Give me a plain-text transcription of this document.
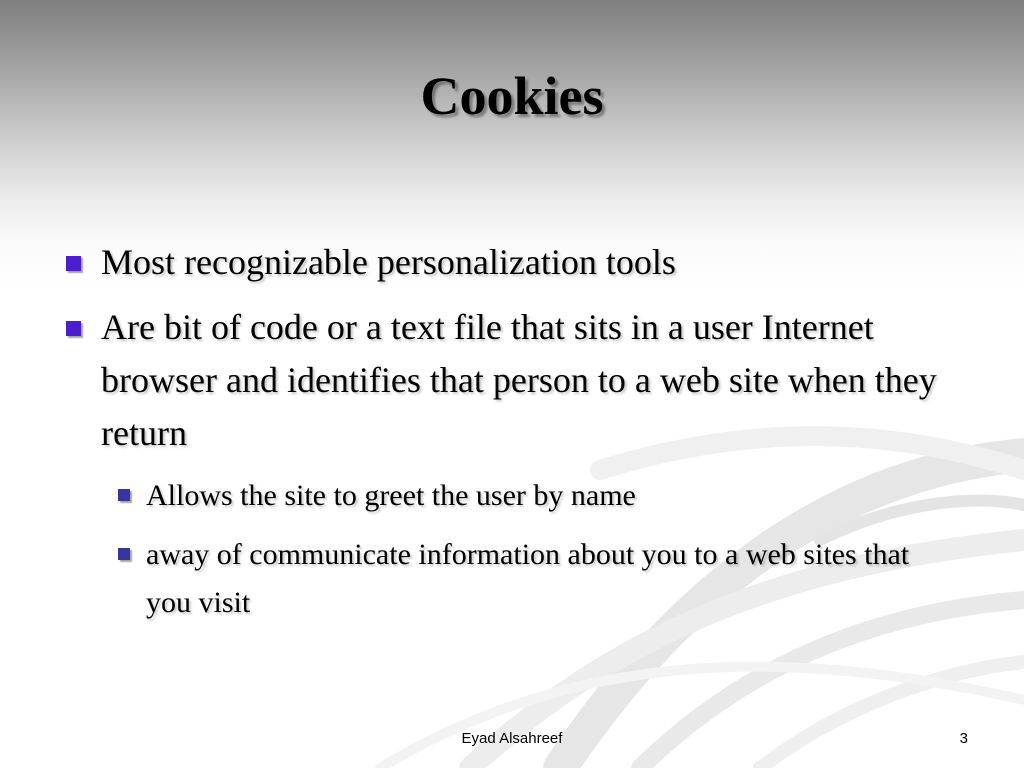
Cookies
Most recognizable personalization tools
Are bit of code or a text file that sits in a user Internet browser and identifies that person to a web site when they return
Allows the site to greet the user by name
away of communicate information about you to a web sites that you visit
Eyad Alsahreef	3
